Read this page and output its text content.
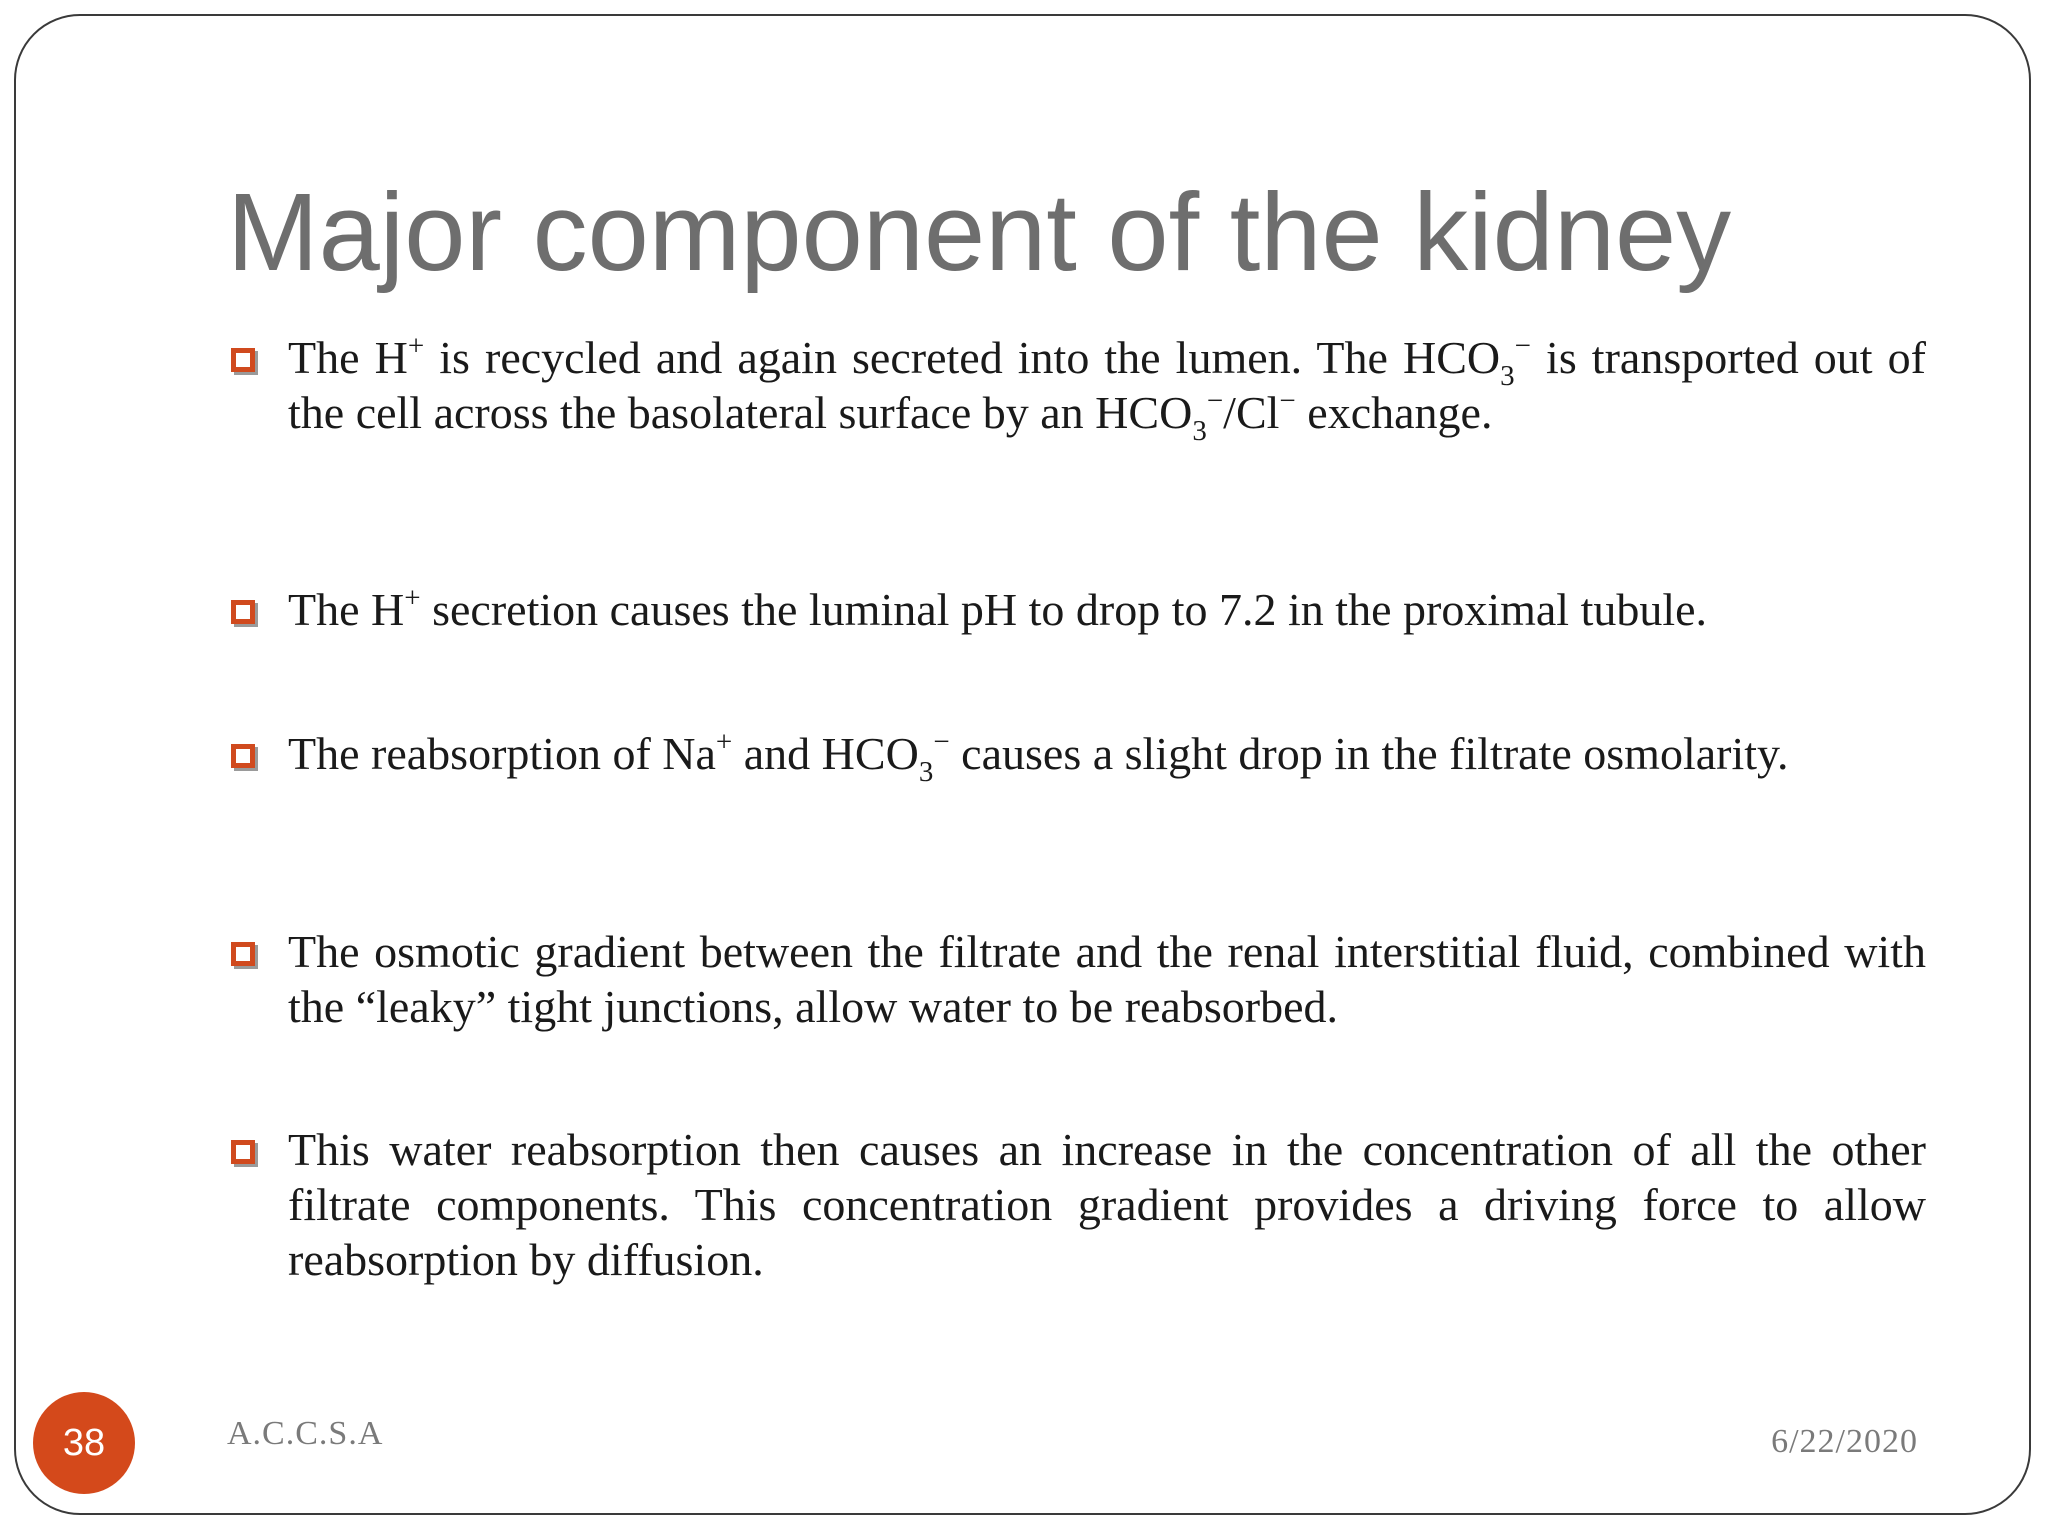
Major component of the kidney

The H+ is recycled and again secreted into the lumen. The $HCO_3^-$ is transported out of the cell across the basolateral surface by an $HCO_3^-/Cl^-$ exchange.

The H+ secretion causes the luminal pH to drop to 7.2 in the proximal tubule.

The reabsorption of Na+ and $HCO_3^-$ causes a slight drop in the filtrate osmolarity.

The osmotic gradient between the filtrate and the renal interstitial fluid, combined with the “leaky” tight junctions, allow water to be reabsorbed.

This water reabsorption then causes an increase in the concentration of all the other filtrate components. This concentration gradient provides a driving force to allow reabsorption by diffusion.

38	A.C.C.S.A	6/22/2020
